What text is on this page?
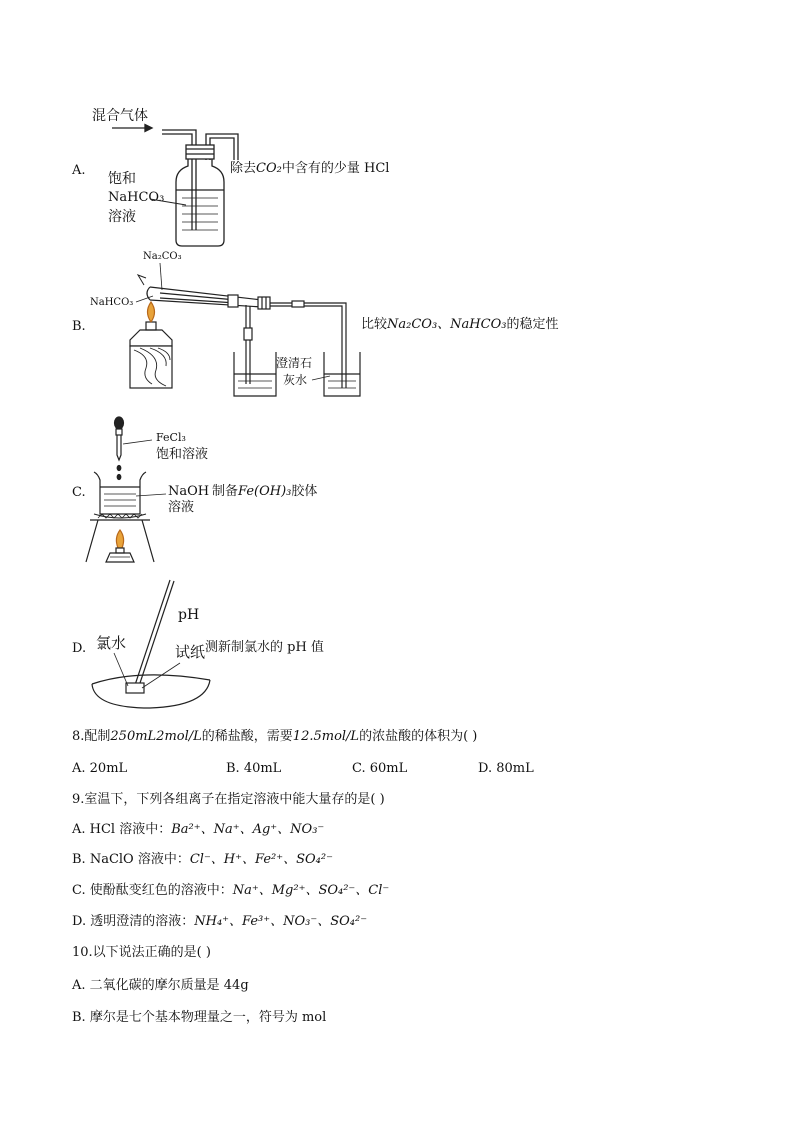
A.
混合气体
饱和
NaHCO₃
溶液
除去CO₂中含有的少量 HCl
B.
Na₂CO₃
NaHCO₃
澄清石
灰水
比较Na₂CO₃、NaHCO₃的稳定性
C.
FeCl₃
饱和溶液
NaOH
溶液
制备Fe(OH)₃胶体
D.
pH
氯水	试纸 测新制氯水的 pH 值
8.配制250mL2mol/L的稀盐酸，需要12.5mol/L的浓盐酸的体积为( )
A. 20mL	B. 40mL	C. 60mL	D. 80mL
9.室温下，下列各组离子在指定溶液中能大量存的是( )
A. HCl 溶液中：Ba²⁺、Na⁺、Ag⁺、NO₃⁻
B. NaClO 溶液中：Cl⁻、H⁺、Fe²⁺、SO₄²⁻
C. 使酚酞变红色的溶液中：Na⁺、Mg²⁺、SO₄²⁻、Cl⁻
D. 透明澄清的溶液：NH₄⁺、Fe³⁺、NO₃⁻、SO₄²⁻
10.以下说法正确的是( )
A. 二氧化碳的摩尔质量是 44g
B. 摩尔是七个基本物理量之一，符号为 mol
